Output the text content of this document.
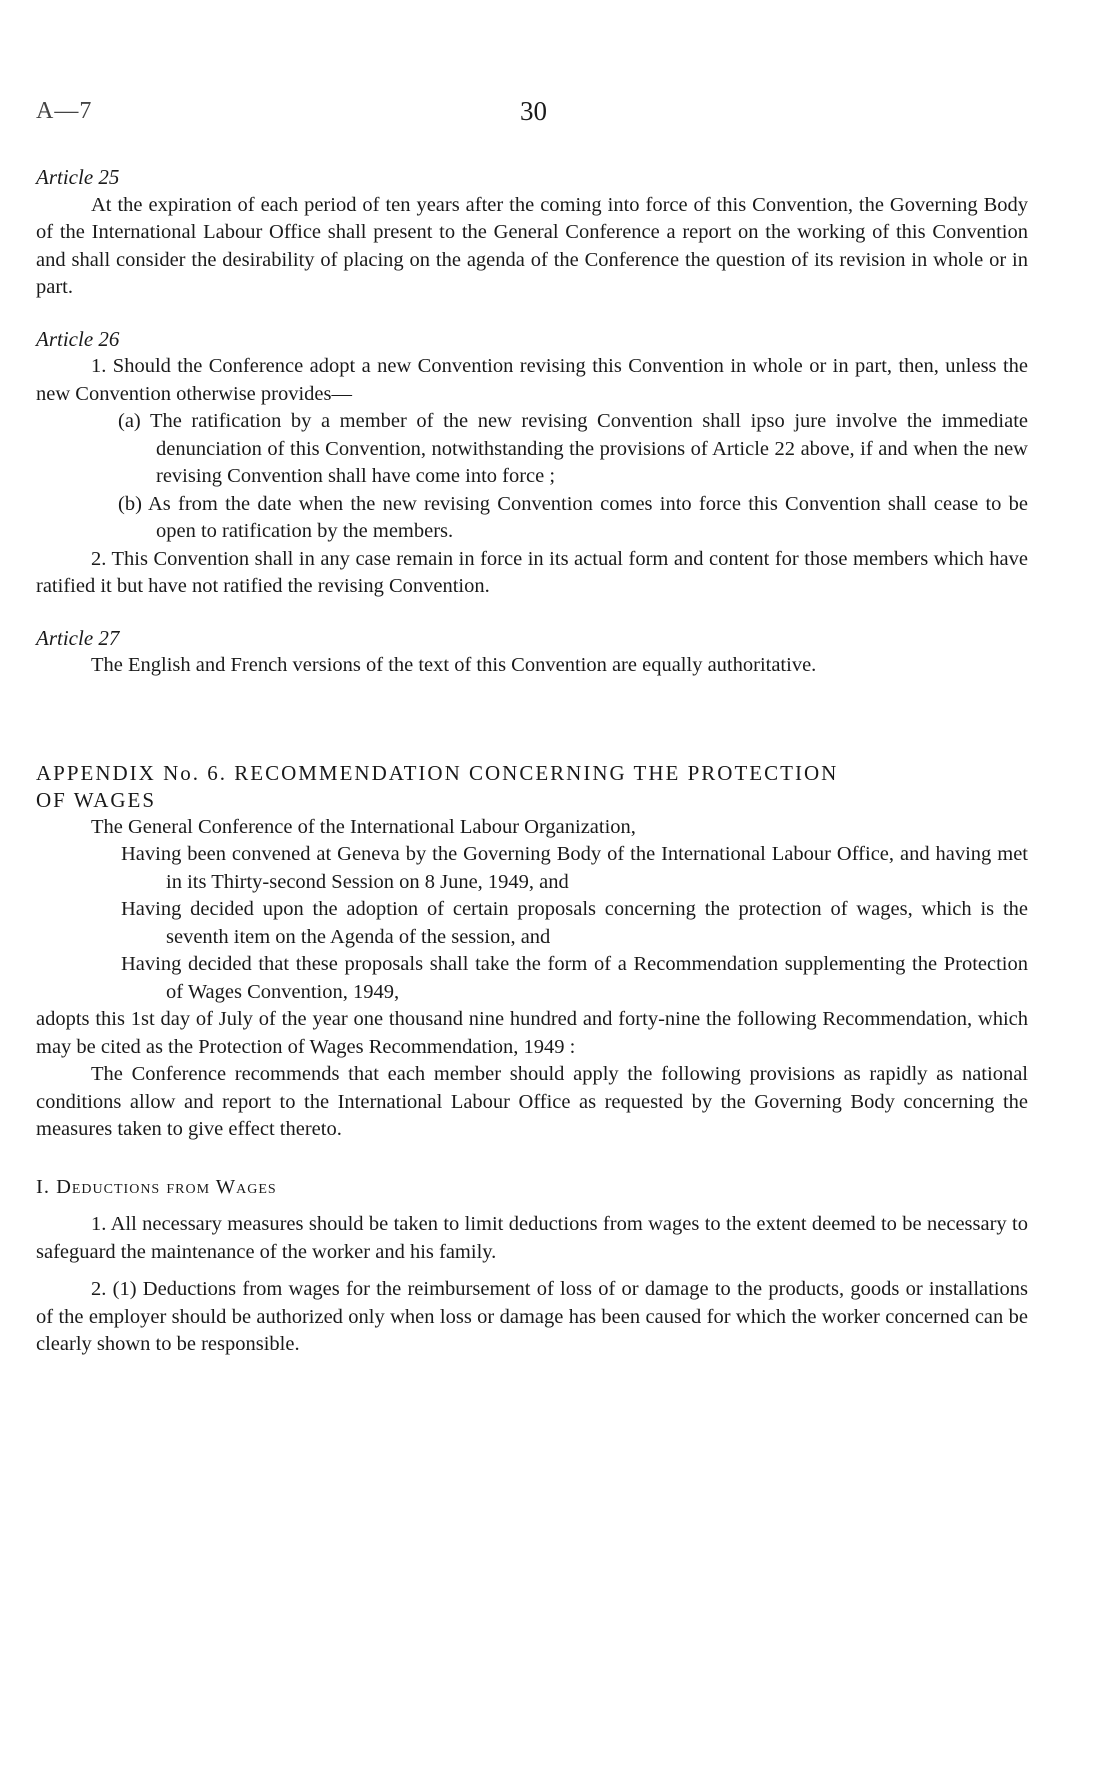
A—7	30

Article 25

At the expiration of each period of ten years after the coming into force of this Convention, the Governing Body of the International Labour Office shall present to the General Conference a report on the working of this Convention and shall consider the desirability of placing on the agenda of the Conference the question of its revision in whole or in part.

Article 26

1. Should the Conference adopt a new Convention revising this Convention in whole or in part, then, unless the new Convention otherwise provides—

(a) The ratification by a member of the new revising Convention shall ipso jure involve the immediate denunciation of this Convention, notwithstanding the provisions of Article 22 above, if and when the new revising Convention shall have come into force ;

(b) As from the date when the new revising Convention comes into force this Convention shall cease to be open to ratification by the members.

2. This Convention shall in any case remain in force in its actual form and content for those members which have ratified it but have not ratified the revising Convention.

Article 27

The English and French versions of the text of this Convention are equally authoritative.

APPENDIX No. 6. RECOMMENDATION CONCERNING THE PROTECTION

OF WAGES

The General Conference of the International Labour Organization,

Having been convened at Geneva by the Governing Body of the International Labour Office, and having met in its Thirty-second Session on 8 June, 1949, and

Having decided upon the adoption of certain proposals concerning the protection of wages, which is the seventh item on the Agenda of the session, and

Having decided that these proposals shall take the form of a Recommendation supplementing the Protection of Wages Convention, 1949,

adopts this 1st day of July of the year one thousand nine hundred and forty-nine the following Recommendation, which may be cited as the Protection of Wages Recommendation, 1949 :

The Conference recommends that each member should apply the following provisions as rapidly as national conditions allow and report to the International Labour Office as requested by the Governing Body concerning the measures taken to give effect thereto.

I. Deductions from Wages

1. All necessary measures should be taken to limit deductions from wages to the extent deemed to be necessary to safeguard the maintenance of the worker and his family.

2. (1) Deductions from wages for the reimbursement of loss of or damage to the products, goods or installations of the employer should be authorized only when loss or damage has been caused for which the worker concerned can be clearly shown to be responsible.
